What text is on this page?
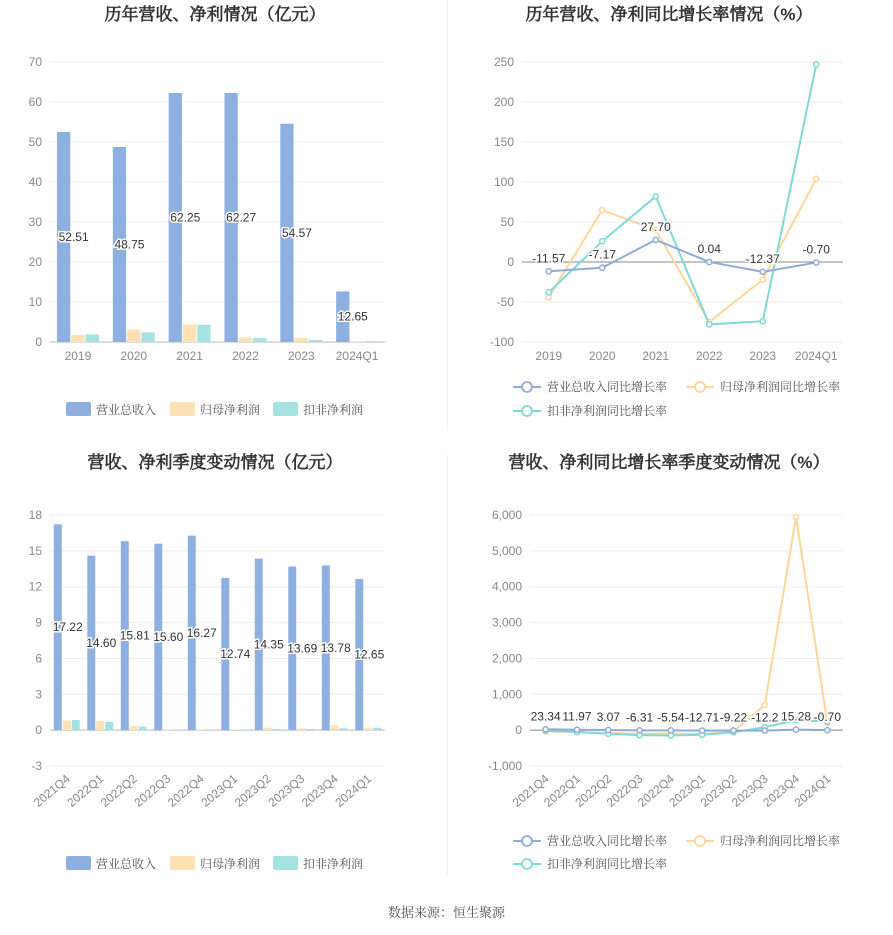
历年营收、净利情况（亿元）
0
10
20
30
40
50
60
70
2019 2020 2021 2022 2023 2024Q1
52.51
48.75
62.25 62.27
54.57
12.65
营业总收入	归母净利润	扣非净利润
历年营收、净利同比增长率情况（%）
-100
-50
0
50
100
150
200
250
2019 2020 2021 2022 2023 2024Q1
-11.57 -7.17
27.70
0.04
-12.37
-0.70
营业总收入同比增长率	归母净利润同比增长率
扣非净利润同比增长率
营收、净利季度变动情况（亿元）
-3
0
3
6
9
12
15
18
2021Q4
2022Q1
2022Q2
2022Q3
2022Q4
2023Q1
2023Q2
2023Q3
2023Q4
2024Q1
17.22
14.60
15.81 15.60 16.27
12.74
14.35 13.69 13.78 12.65
营业总收入	归母净利润	扣非净利润
营收、净利同比增长率季度变动情况（%）
-1,000
0
1,000
2,000
3,000
4,000
5,000
6,000
2021Q4
2022Q1
2022Q2
2022Q3
2022Q4
2023Q1
2023Q2
2023Q3
2023Q4
2024Q1
23.34 11.97 3.07 -6.31 -5.54 -12.71 -9.22 -12.2 15.28 -0.70
营业总收入同比增长率	归母净利润同比增长率
扣非净利润同比增长率
数据来源：恒生聚源
